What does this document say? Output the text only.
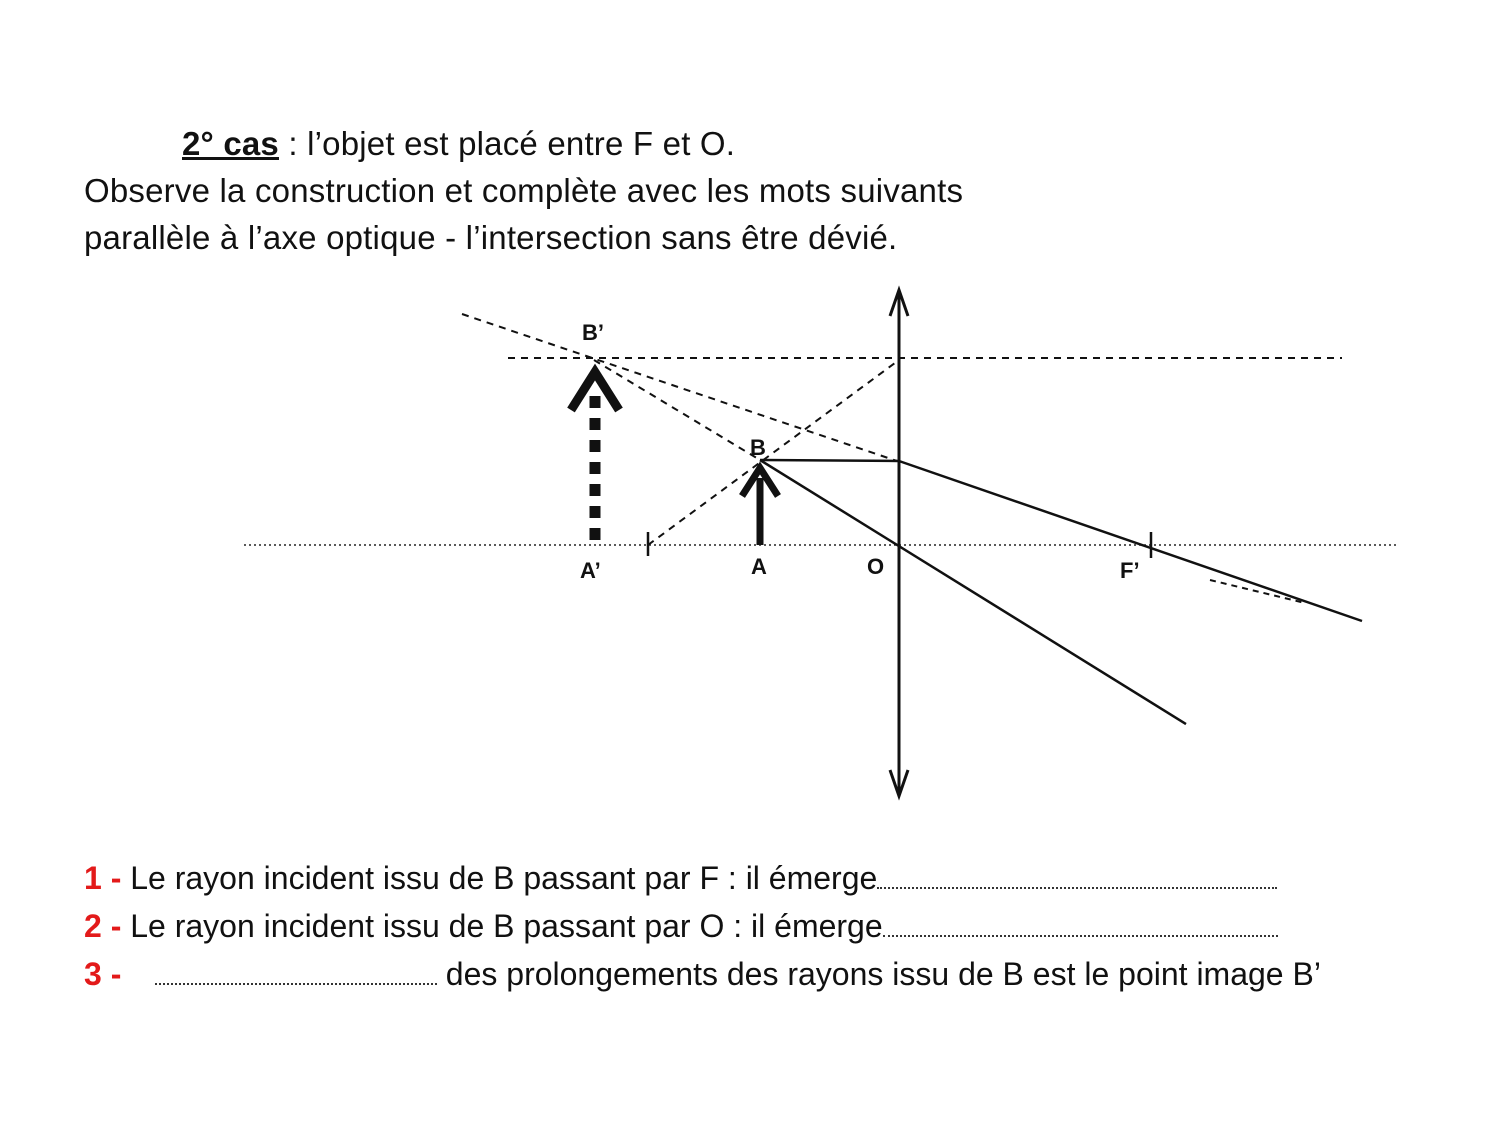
2° cas : l’objet est placé entre F et O.
Observe la construction et complète avec les mots suivants
parallèle à l’axe optique - l’intersection sans être dévié.
B’
B
A’	A	O	F’
1 - Le rayon incident issu de B passant par F : il émerge
2 - Le rayon incident issu de B passant par O : il émerge
3 -	des prolongements des rayons issu de B est le point image B’
